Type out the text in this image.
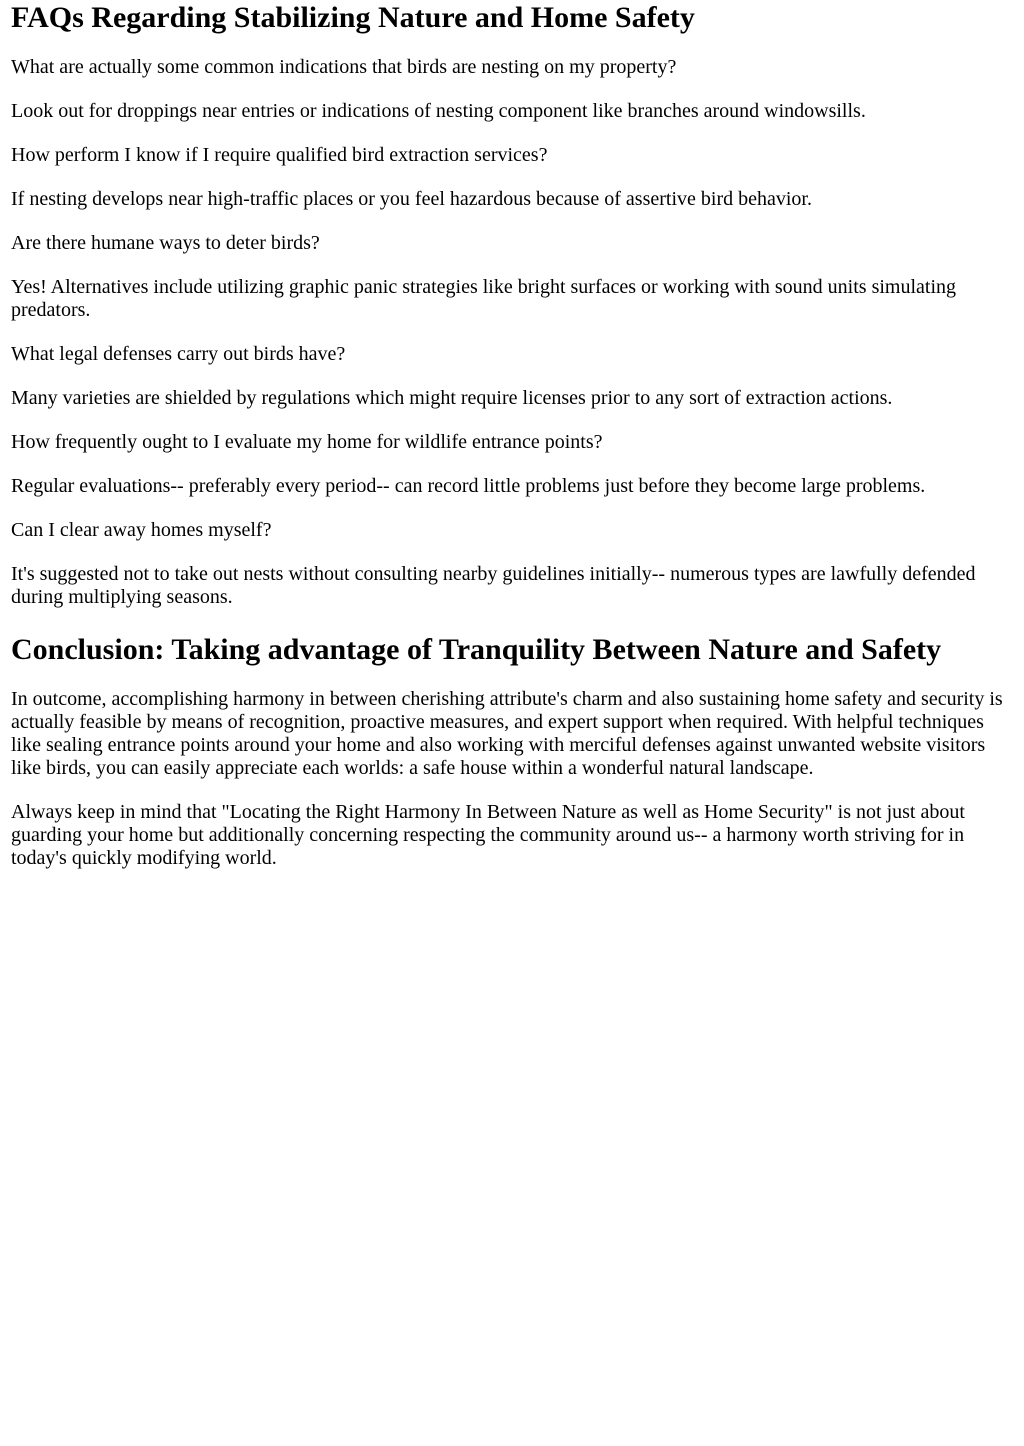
FAQs Regarding Stabilizing Nature and Home Safety

What are actually some common indications that birds are nesting on my property?

Look out for droppings near entries or indications of nesting component like branches around windowsills.

How perform I know if I require qualified bird extraction services?

If nesting develops near high-traffic places or you feel hazardous because of assertive bird behavior.

Are there humane ways to deter birds?

Yes! Alternatives include utilizing graphic panic strategies like bright surfaces or working with sound units simulating predators.

What legal defenses carry out birds have?

Many varieties are shielded by regulations which might require licenses prior to any sort of extraction actions.

How frequently ought to I evaluate my home for wildlife entrance points?

Regular evaluations-- preferably every period-- can record little problems just before they become large problems.

Can I clear away homes myself?

It's suggested not to take out nests without consulting nearby guidelines initially-- numerous types are lawfully defended during multiplying seasons.

Conclusion: Taking advantage of Tranquility Between Nature and Safety

In outcome, accomplishing harmony in between cherishing attribute's charm and also sustaining home safety and security is actually feasible by means of recognition, proactive measures, and expert support when required. With helpful techniques like sealing entrance points around your home and also working with merciful defenses against unwanted website visitors like birds, you can easily appreciate each worlds: a safe house within a wonderful natural landscape.

Always keep in mind that "Locating the Right Harmony In Between Nature as well as Home Security" is not just about guarding your home but additionally concerning respecting the community around us-- a harmony worth striving for in today's quickly modifying world.
